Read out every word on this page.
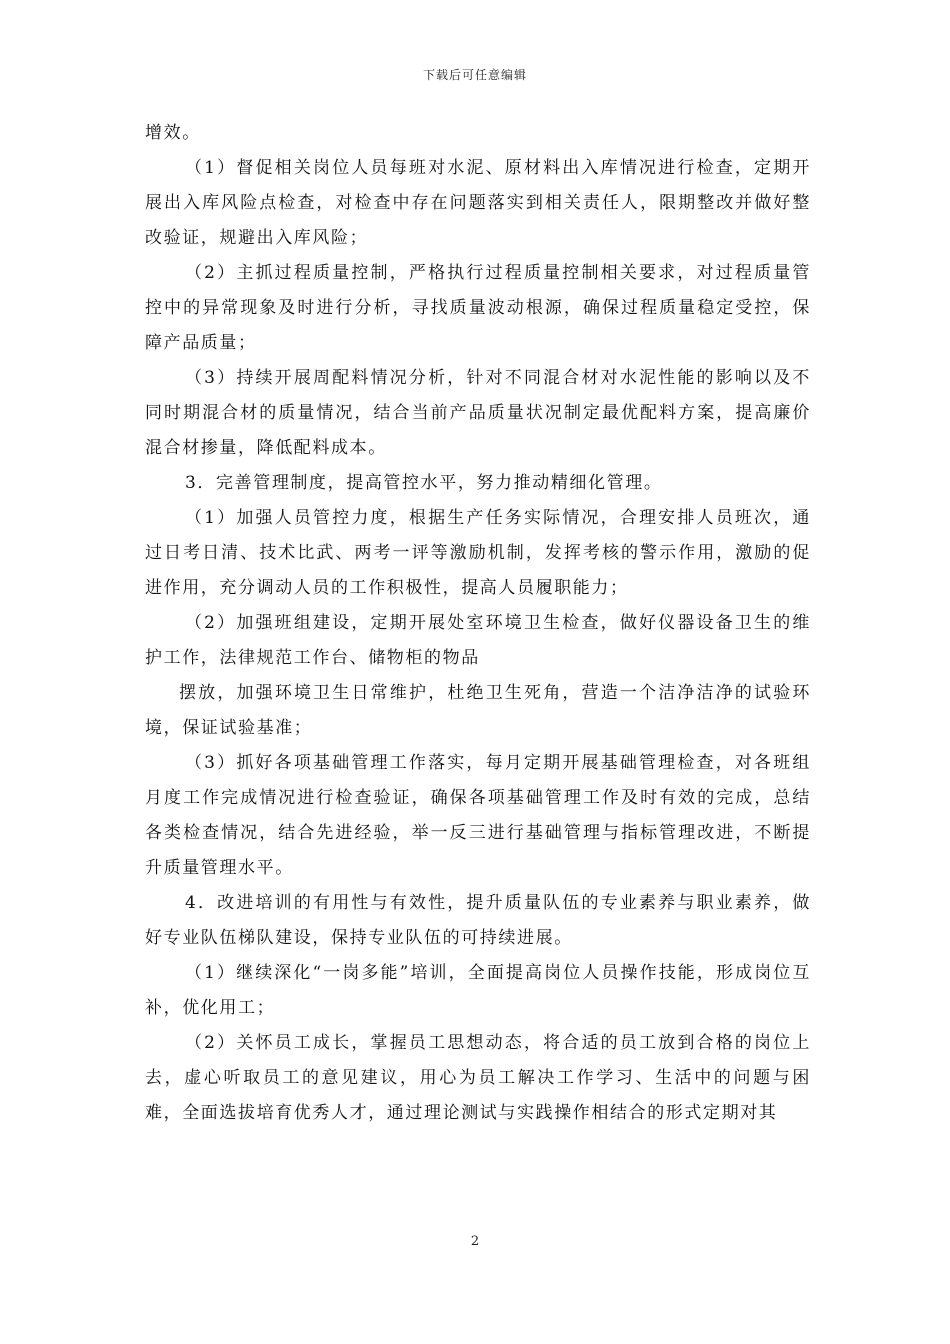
下载后可任意编辑

增效。

（1）督促相关岗位人员每班对水泥、原材料出入库情况进行检查，定期开展出入库风险点检查，对检查中存在问题落实到相关责任人，限期整改并做好整改验证，规避出入库风险；

（2）主抓过程质量控制，严格执行过程质量控制相关要求，对过程质量管控中的异常现象及时进行分析，寻找质量波动根源，确保过程质量稳定受控，保障产品质量；

（3）持续开展周配料情况分析，针对不同混合材对水泥性能的影响以及不同时期混合材的质量情况，结合当前产品质量状况制定最优配料方案，提高廉价混合材掺量，降低配料成本。

3．完善管理制度，提高管控水平，努力推动精细化管理。

（1）加强人员管控力度，根据生产任务实际情况，合理安排人员班次，通过日考日清、技术比武、两考一评等激励机制，发挥考核的警示作用，激励的促进作用，充分调动人员的工作积极性，提高人员履职能力；

（2）加强班组建设，定期开展处室环境卫生检查，做好仪器设备卫生的维护工作，法律规范工作台、储物柜的物品

摆放，加强环境卫生日常维护，杜绝卫生死角，营造一个洁净洁净的试验环境，保证试验基准；

（3）抓好各项基础管理工作落实，每月定期开展基础管理检查，对各班组月度工作完成情况进行检查验证，确保各项基础管理工作及时有效的完成，总结各类检查情况，结合先进经验，举一反三进行基础管理与指标管理改进，不断提升质量管理水平。

4．改进培训的有用性与有效性，提升质量队伍的专业素养与职业素养，做好专业队伍梯队建设，保持专业队伍的可持续进展。

（1）继续深化“一岗多能”培训，全面提高岗位人员操作技能，形成岗位互补，优化用工；

（2）关怀员工成长，掌握员工思想动态，将合适的员工放到合格的岗位上去，虚心听取员工的意见建议，用心为员工解决工作学习、生活中的问题与困难，全面选拔培育优秀人才，通过理论测试与实践操作相结合的形式定期对其

2
